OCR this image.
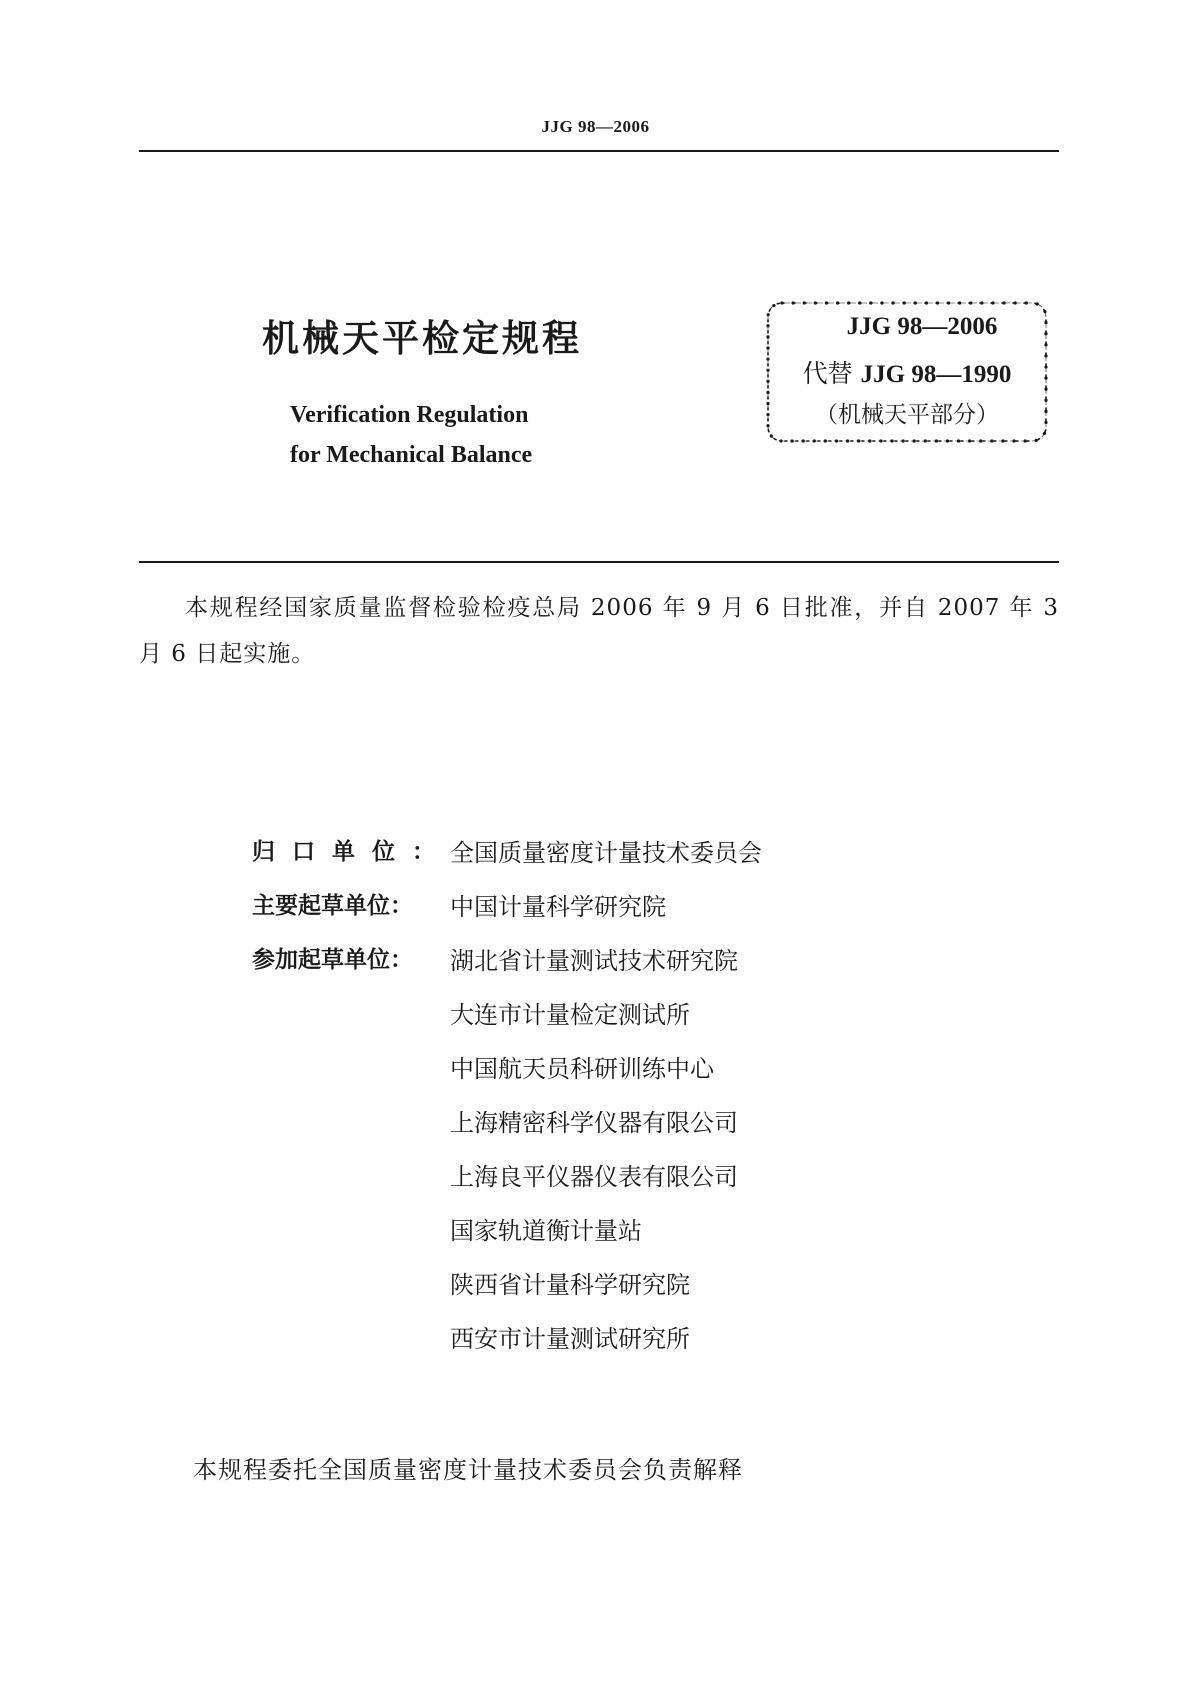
JJG 98—2006
机械天平检定规程
Verification Regulation
for Mechanical Balance
JJG 98—2006
代替 JJG 98—1990
（机械天平部分）
本规程经国家质量监督检验检疫总局 2006 年 9 月 6 日批准，并自 2007 年 3 月 6 日起实施。
归口单位：
全国质量密度计量技术委员会
主要起草单位：	中国计量科学研究院
参加起草单位：	湖北省计量测试技术研究院
大连市计量检定测试所
中国航天员科研训练中心
上海精密科学仪器有限公司
上海良平仪器仪表有限公司
国家轨道衡计量站
陕西省计量科学研究院
西安市计量测试研究所
本规程委托全国质量密度计量技术委员会负责解释
